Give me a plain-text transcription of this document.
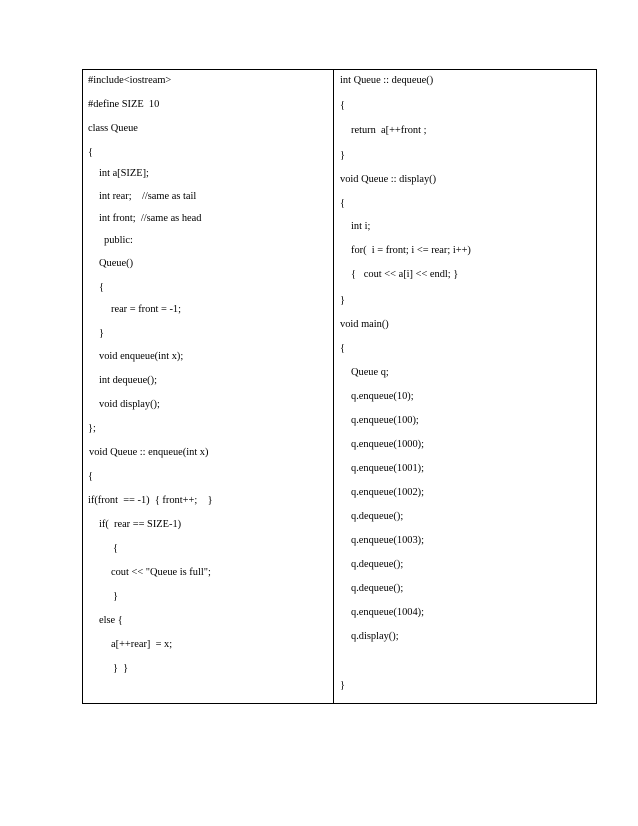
#include<iostream>
#define SIZE  10
class Queue
{
int a[SIZE];
int rear;    //same as tail
int front;  //same as head
public:
Queue()
{
rear = front = -1;
}
void enqueue(int x);
int dequeue();
void display();
};
void Queue :: enqueue(int x)
{
if(front  == -1)  { front++;    }
if(  rear == SIZE-1)
{
cout << "Queue is full";
}
else {
a[++rear]  = x;
}  }
int Queue :: dequeue()
{
return  a[++front ;
}
void Queue :: display()
{
int i;
for(  i = front; i <= rear; i++)
{   cout << a[i] << endl; }
}
void main()
{
Queue q;
q.enqueue(10);
q.enqueue(100);
q.enqueue(1000);
q.enqueue(1001);
q.enqueue(1002);
q.dequeue();
q.enqueue(1003);
q.dequeue();
q.dequeue();
q.enqueue(1004);
q.display();
}
